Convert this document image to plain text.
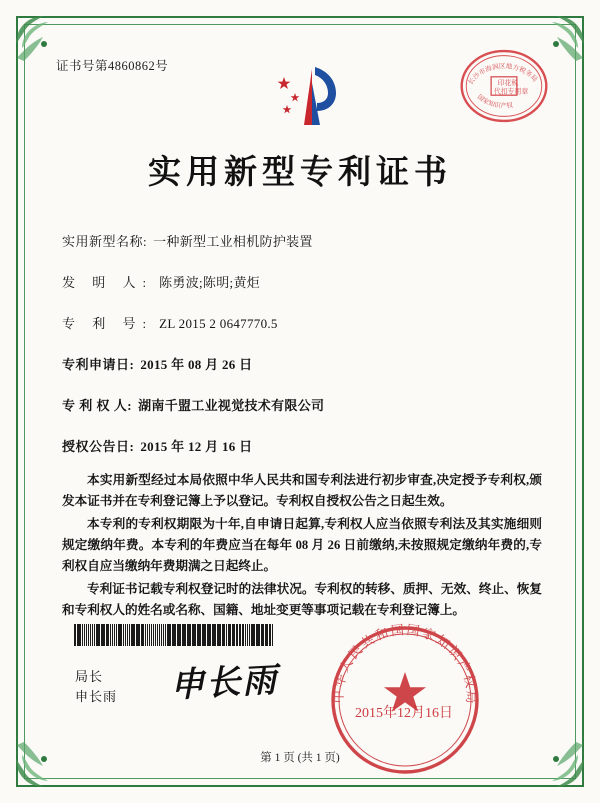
证书号第4860862号
印花税
代扣专用章
长沙市海润区地方税务局
国家知识产权
实用新型专利证书
实用新型名称: 一种新型工业相机防护装置
发 明 人: 陈勇波;陈明;黄炬
专 利 号: ZL 2015 2 0647770.5
专利申请日: 2015 年 08 月 26 日
专 利 权 人: 湖南千盟工业视觉技术有限公司
授权公告日: 2015 年 12 月 16 日

本实用新型经过本局依照中华人民共和国专利法进行初步审查,决定授予专利权,颁发本证书并在专利登记簿上予以登记。专利权自授权公告之日起生效。

本专利的专利权期限为十年,自申请日起算,专利权人应当依照专利法及其实施细则规定缴纳年费。本专利的年费应当在每年 08 月 26 日前缴纳,未按照规定缴纳年费的,专利权自应当缴纳年费期满之日起终止。

专利证书记载专利权登记时的法律状况。专利权的转移、质押、无效、终止、恢复和专利权人的姓名或名称、国籍、地址变更等事项记载在专利登记簿上。

局长
申长雨 申长雨	中华人民共和国国家知识产权局
2015年12月16日
第 1 页 (共 1 页)
